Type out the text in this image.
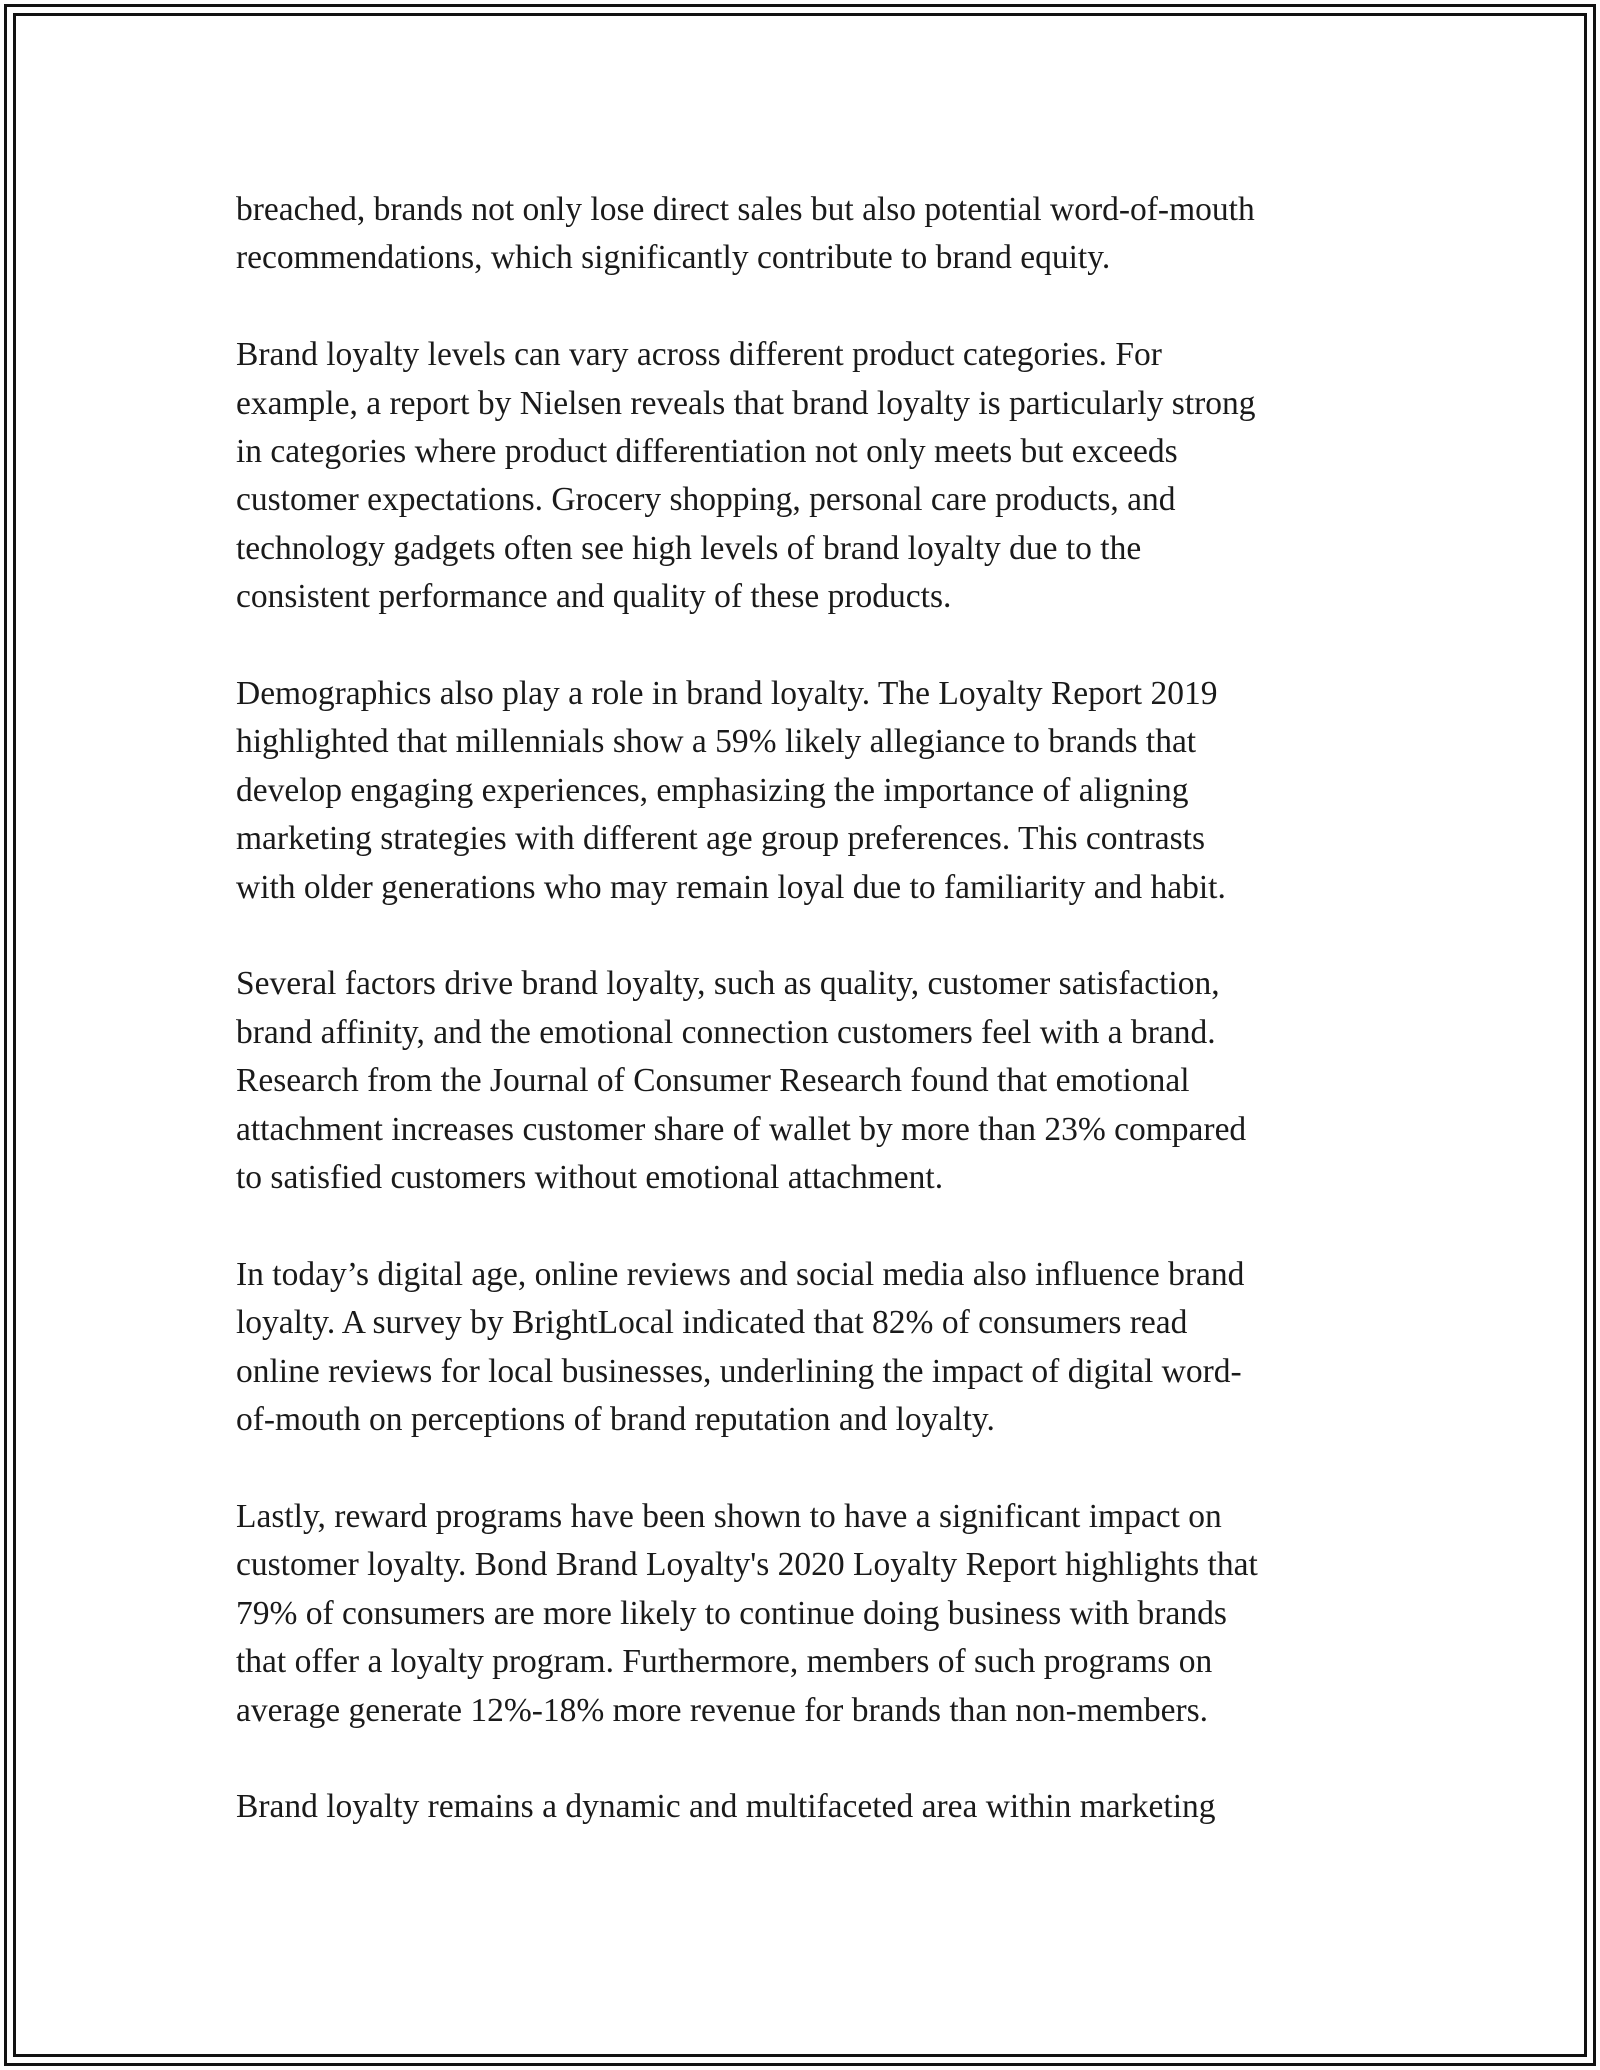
breached, brands not only lose direct sales but also potential word-of-mouth
recommendations, which significantly contribute to brand equity.

Brand loyalty levels can vary across different product categories. For
example, a report by Nielsen reveals that brand loyalty is particularly strong
in categories where product differentiation not only meets but exceeds
customer expectations. Grocery shopping, personal care products, and
technology gadgets often see high levels of brand loyalty due to the
consistent performance and quality of these products.

Demographics also play a role in brand loyalty. The Loyalty Report 2019
highlighted that millennials show a 59% likely allegiance to brands that
develop engaging experiences, emphasizing the importance of aligning
marketing strategies with different age group preferences. This contrasts
with older generations who may remain loyal due to familiarity and habit.

Several factors drive brand loyalty, such as quality, customer satisfaction,
brand affinity, and the emotional connection customers feel with a brand.
Research from the Journal of Consumer Research found that emotional
attachment increases customer share of wallet by more than 23% compared
to satisfied customers without emotional attachment.

In today’s digital age, online reviews and social media also influence brand
loyalty. A survey by BrightLocal indicated that 82% of consumers read
online reviews for local businesses, underlining the impact of digital word-
of-mouth on perceptions of brand reputation and loyalty.

Lastly, reward programs have been shown to have a significant impact on
customer loyalty. Bond Brand Loyalty's 2020 Loyalty Report highlights that
79% of consumers are more likely to continue doing business with brands
that offer a loyalty program. Furthermore, members of such programs on
average generate 12%-18% more revenue for brands than non-members.

Brand loyalty remains a dynamic and multifaceted area within marketing
